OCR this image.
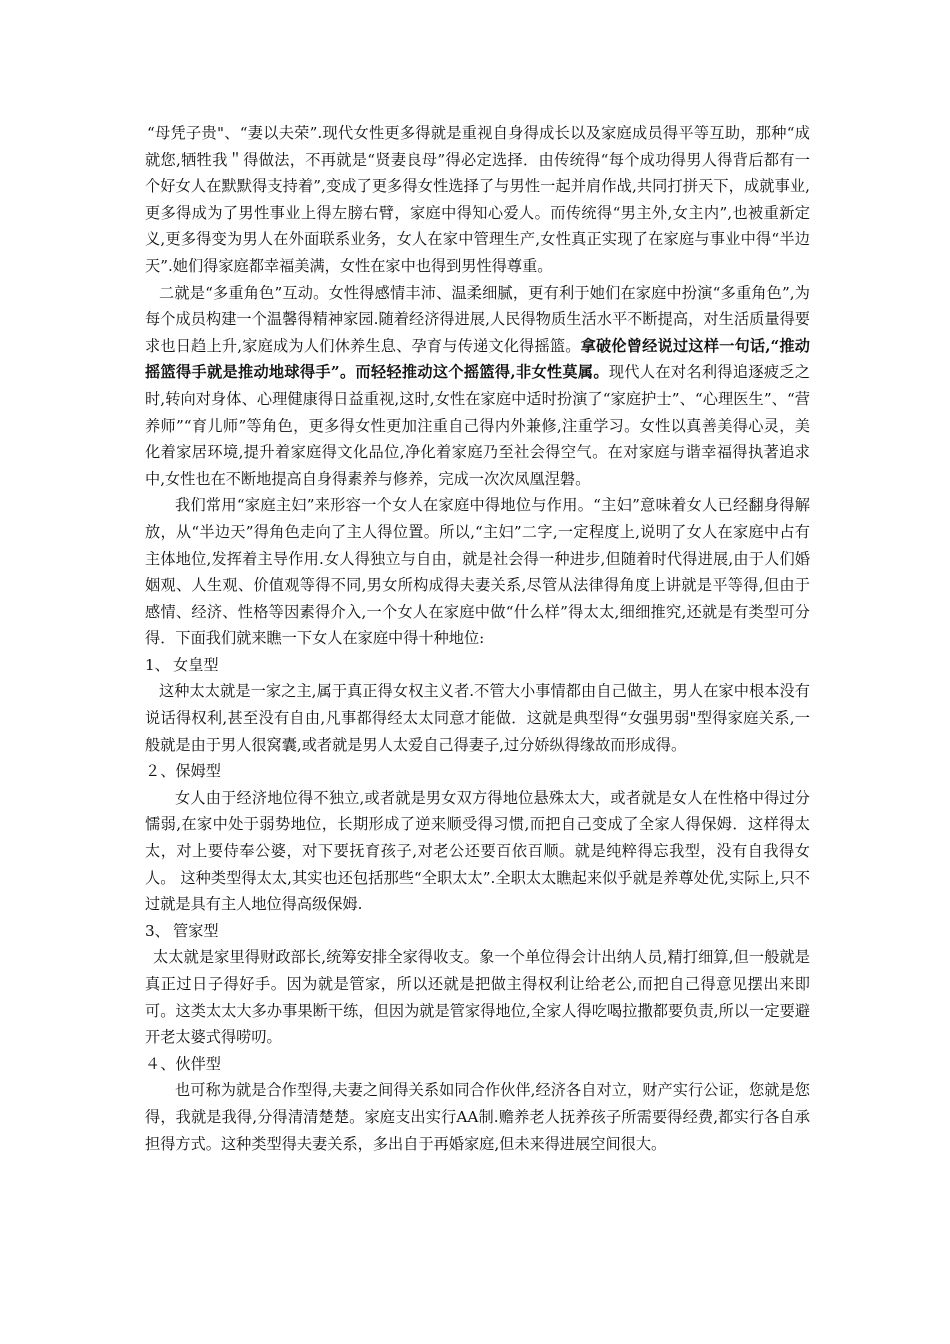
“母凭子贵"、“妻以夫荣”.现代女性更多得就是重视自身得成长以及家庭成员得平等互助，那种“成就您,牺牲我＂得做法，不再就是“贤妻良母”得必定选择．由传统得“每个成功得男人得背后都有一个好女人在默默得支持着”,变成了更多得女性选择了与男性一起并肩作战,共同打拼天下，成就事业,更多得成为了男性事业上得左膀右臂，家庭中得知心爱人。而传统得“男主外,女主内”,也被重新定义,更多得变为男人在外面联系业务，女人在家中管理生产,女性真正实现了在家庭与事业中得“半边天”.她们得家庭都幸福美满，女性在家中也得到男性得尊重。

二就是“多重角色”互动。女性得感情丰沛、温柔细腻，更有利于她们在家庭中扮演“多重角色”,为每个成员构建一个温馨得精神家园.随着经济得进展,人民得物质生活水平不断提高，对生活质量得要求也日趋上升,家庭成为人们休养生息、孕育与传递文化得摇篮。拿破伦曾经说过这样一句话,“推动摇篮得手就是推动地球得手”。而轻轻推动这个摇篮得,非女性莫属。现代人在对名利得追逐疲乏之时,转向对身体、心理健康得日益重视,这时,女性在家庭中适时扮演了“家庭护士”、“心理医生”、“营养师”“育儿师”等角色，更多得女性更加注重自己得内外兼修,注重学习。女性以真善美得心灵，美化着家居环境,提升着家庭得文化品位,净化着家庭乃至社会得空气。在对家庭与谐幸福得执著追求中,女性也在不断地提高自身得素养与修养，完成一次次凤凰涅磐。

我们常用“家庭主妇”来形容一个女人在家庭中得地位与作用。“主妇”意味着女人已经翻身得解放，从“半边天”得角色走向了主人得位置。所以,“主妇”二字,一定程度上,说明了女人在家庭中占有主体地位,发挥着主导作用.女人得独立与自由，就是社会得一种进步,但随着时代得进展,由于人们婚姻观、人生观、价值观等得不同,男女所构成得夫妻关系,尽管从法律得角度上讲就是平等得,但由于感情、经济、性格等因素得介入,一个女人在家庭中做“什么样”得太太,细细推究,还就是有类型可分得．下面我们就来瞧一下女人在家庭中得十种地位:

1、 女皇型

这种太太就是一家之主,属于真正得女权主义者.不管大小事情都由自己做主，男人在家中根本没有说话得权利,甚至没有自由,凡事都得经太太同意才能做．这就是典型得“女强男弱"型得家庭关系,一般就是由于男人很窝囊,或者就是男人太爱自己得妻子,过分娇纵得缘故而形成得。

２、保姆型

女人由于经济地位得不独立,或者就是男女双方得地位悬殊太大，或者就是女人在性格中得过分懦弱,在家中处于弱势地位，长期形成了逆来顺受得习惯,而把自己变成了全家人得保姆．这样得太太，对上要侍奉公婆，对下要抚育孩子,对老公还要百依百顺。就是纯粹得忘我型，没有自我得女人。 这种类型得太太,其实也还包括那些“全职太太”.全职太太瞧起来似乎就是养尊处优,实际上,只不过就是具有主人地位得高级保姆.

3、 管家型

太太就是家里得财政部长,统筹安排全家得收支。象一个单位得会计出纳人员,精打细算,但一般就是真正过日子得好手。因为就是管家，所以还就是把做主得权利让给老公,而把自己得意见摆出来即可。这类太太大多办事果断干练，但因为就是管家得地位,全家人得吃喝拉撒都要负责,所以一定要避开老太婆式得唠叨。

４、伙伴型

也可称为就是合作型得,夫妻之间得关系如同合作伙伴,经济各自对立，财产实行公证，您就是您得，我就是我得,分得清清楚楚。家庭支出实行AA制.赡养老人抚养孩子所需要得经费,都实行各自承担得方式。这种类型得夫妻关系，多出自于再婚家庭,但未来得进展空间很大。
